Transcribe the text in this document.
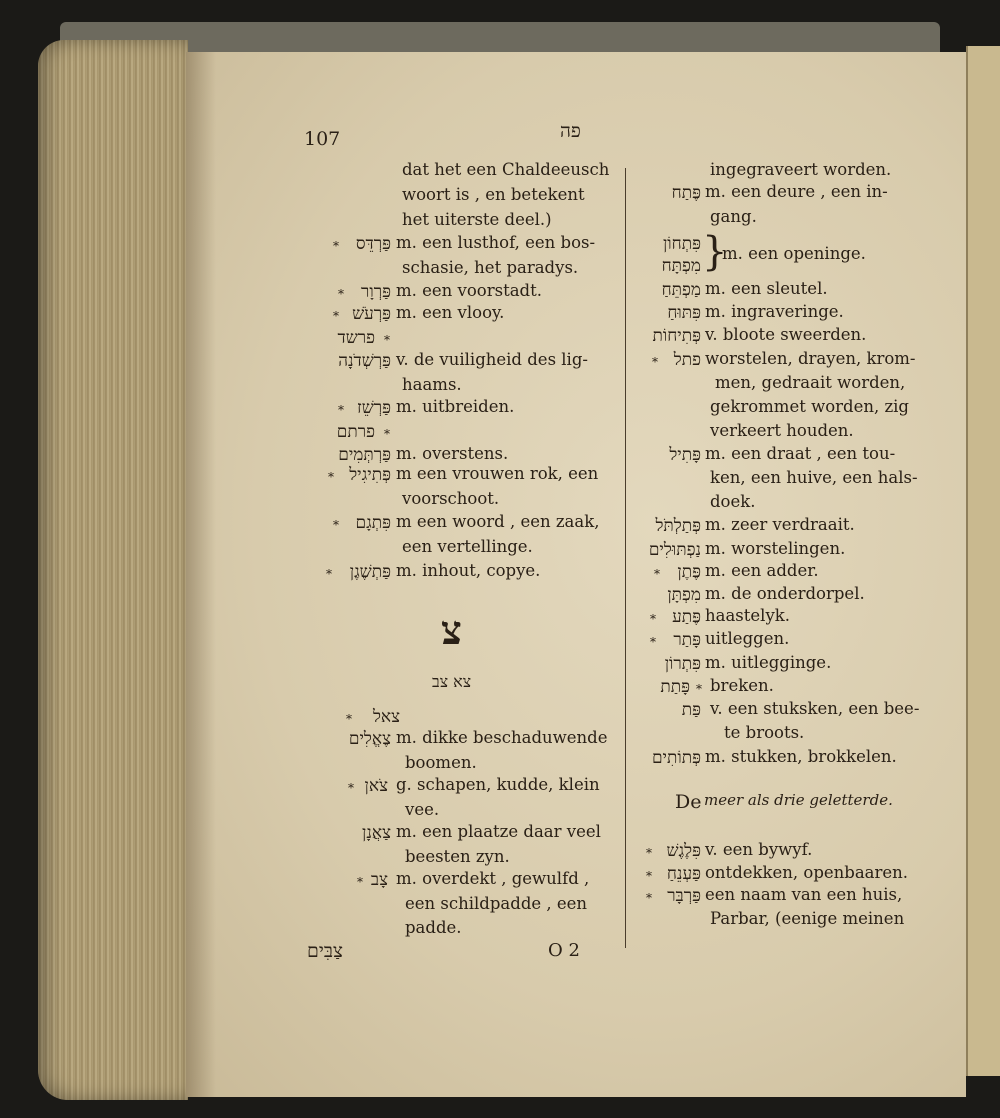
107	פה
dat het een Chaldeeusch
woort is , en betekent
het uiterste deel.)
* פַּרְדֵּס m. een lusthof, een bos-
schasie, het paradys.
* פַּרְוָר m. een voorstadt.
* פַּרְעֹשׁ m. een vlooy.
*
פרשד
פַּרְשְׁדֹנָה v. de vuiligheid des lig-
haams.
* פַּרְשֵׁז m. uitbreiden.
*
פרתם
פַּרְתְּמִים m. overstens.
* פְּתִיגִיל m een vrouwen rok, een
voorschoot.
* פִּתְגָם m een woord , een zaak,
een vertellinge.
* פַּתְשֶׁגֶן m. inhout, copye.
צ
צא צב
* צאל
צֶאֱלִים m. dikke beschaduwende
boomen.
* צֹאן g. schapen, kudde, klein
vee.
צַאֲנָן m. een plaatze daar veel
beesten zyn.
* צָב m. overdekt , gewulfd ,
een schildpadde , een
padde.
ingegraveert worden.
פֶּתַח m. een deure , een in-
gang.
פִּתְחוֹן }
m. een openinge.
מִפְתָּח
מַפְתֵּחַ m. een sleutel.
פִּתּוּחַ m. ingraveringe.
פְּתִיחוֹת v. bloote sweerden.
* פתל worstelen, drayen, krom-
men, gedraait worden,
gekrommet worden, zig
verkeert houden.
פָּתִיל m. een draat , een tou-
ken, een huive, een hals-
doek.
פְּתַלְתֹּל m. zeer verdraait.
נַפְתּוּלִים m. worstelingen.
* פֶּתֶן m. een adder.
מִפְתָּן m. de onderdorpel.
* פֶּתַע haastelyk.
* פָּתַר uitleggen.
פִּתְרוֹן m. uitlegginge.
*
פָּתַת breken.
פַּת v. een stuksken, een bee-
te broots.
פְּתוֹתִים m. stukken, brokkelen.
De meer als drie geletterde.
* פִּלֶגֶשׁ v. een bywyf.
* פַּעְנֵחַ ontdekken, openbaaren.
* פַּרְבָּר een naam van een huis,
Parbar, (eenige meinen
צַבִּים	O 2
